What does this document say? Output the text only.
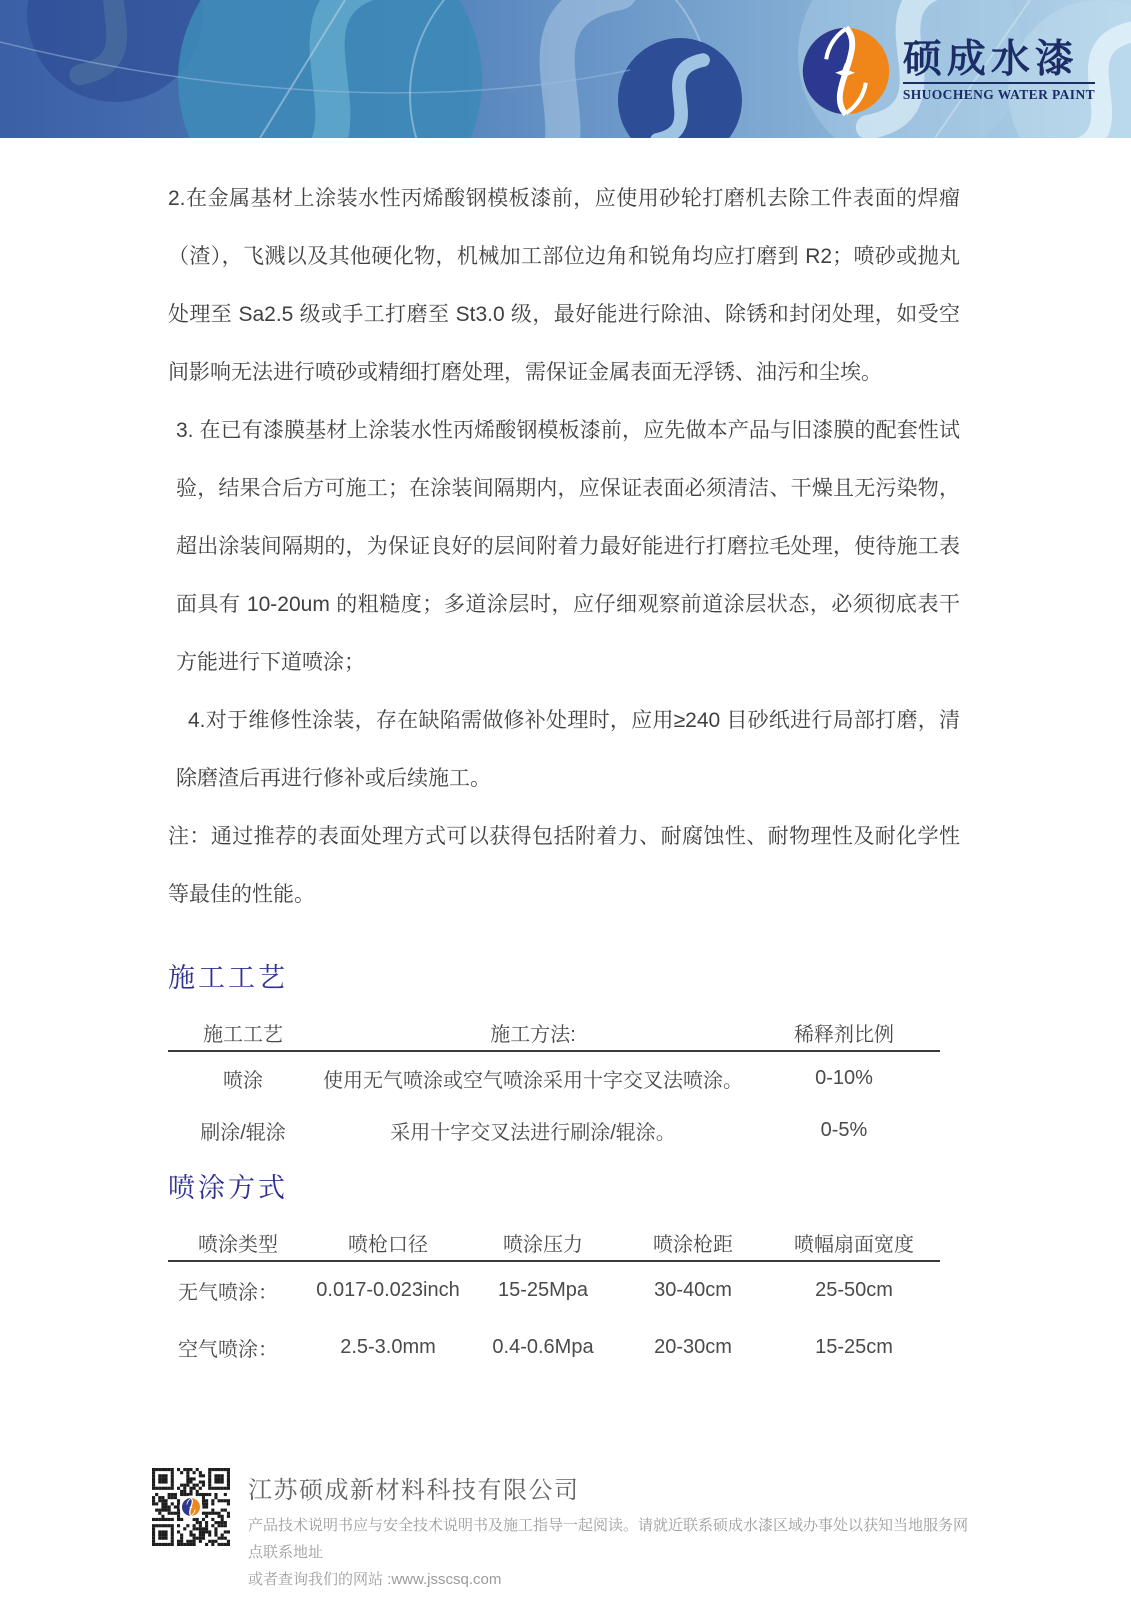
硕成水漆
SHUOCHENG WATER PAINT

2.在金属基材上涂装水性丙烯酸钢模板漆前，应使用砂轮打磨机去除工件表面的焊瘤（渣），飞溅以及其他硬化物，机械加工部位边角和锐角均应打磨到 R2；喷砂或抛丸处理至 Sa2.5 级或手工打磨至 St3.0 级，最好能进行除油、除锈和封闭处理，如受空间影响无法进行喷砂或精细打磨处理，需保证金属表面无浮锈、油污和尘埃。

3. 在已有漆膜基材上涂装水性丙烯酸钢模板漆前，应先做本产品与旧漆膜的配套性试验，结果合后方可施工；在涂装间隔期内，应保证表面必须清洁、干燥且无污染物，超出涂装间隔期的，为保证良好的层间附着力最好能进行打磨拉毛处理，使待施工表面具有 10-20um 的粗糙度；多道涂层时，应仔细观察前道涂层状态，必须彻底表干方能进行下道喷涂；

4.对于维修性涂装，存在缺陷需做修补处理时，应用≥240 目砂纸进行局部打磨，清除磨渣后再进行修补或后续施工。

注：通过推荐的表面处理方式可以获得包括附着力、耐腐蚀性、耐物理性及耐化学性等最佳的性能。

施工工艺
施工工艺	施工方法:	稀释剂比例
喷涂	使用无气喷涂或空气喷涂采用十字交叉法喷涂。	0-10%
刷涂/辊涂	采用十字交叉法进行刷涂/辊涂。	0-5%
喷涂方式
喷涂类型	喷枪口径	喷涂压力	喷涂枪距	喷幅扇面宽度
无气喷涂：	0.017-0.023inch	15-25Mpa	30-40cm	25-50cm
空气喷涂：	2.5-3.0mm	0.4-0.6Mpa	20-30cm	15-25cm
江苏硕成新材料科技有限公司
产品技术说明书应与安全技术说明书及施工指导一起阅读。请就近联系硕成水漆区域办事处以获知当地服务网点联系地址
或者查询我们的网站 :www.jsscsq.com
